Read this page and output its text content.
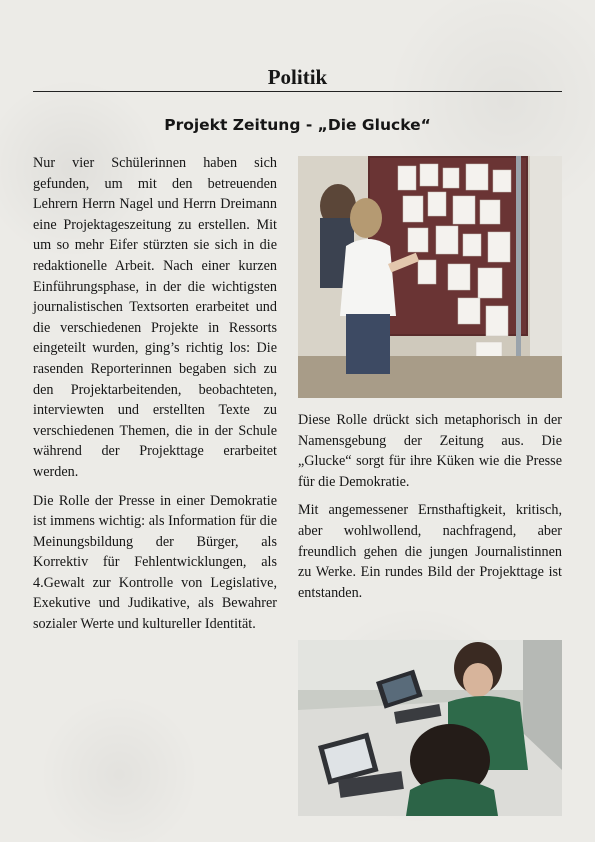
Politik
Projekt Zeitung - „Die Glucke“

Nur vier Schülerinnen haben sich gefunden, um mit den betreuenden Lehrern Herrn Nagel und Herrn Dreimann eine Projektageszeitung zu erstellen. Mit um so mehr Eifer stürzten sie sich in die redaktionelle Arbeit. Nach einer kurzen Einführungsphase, in der die wichtigsten journalistischen Textsorten erarbeitet und die verschiedenen Projekte in Ressorts eingeteilt wurden, ging’s richtig los: Die rasenden Reporterinnen begaben sich zu den Projektarbeitenden, beobachteten, interviewten und erstellten Texte zu verschiedenen Themen, die in der Schule während der Projekttage erarbeitet werden.

Die Rolle der Presse in einer Demokratie ist immens wichtig: als Information für die Meinungsbildung der Bürger, als Korrektiv für Fehlentwicklungen, als 4.Gewalt zur Kontrolle von Legislative, Exekutive und Judikative, als Bewahrer sozialer Werte und kultureller Identität.

Diese Rolle drückt sich metaphorisch in der Namensgebung der Zeitung aus. Die „Glucke“ sorgt für ihre Küken wie die Presse für die Demokratie.

Mit angemessener Ernsthaftigkeit, kritisch, aber wohlwollend, nachfragend, aber freundlich gehen die jungen Journalistinnen zu Werke. Ein rundes Bild der Projekttage ist entstanden.
